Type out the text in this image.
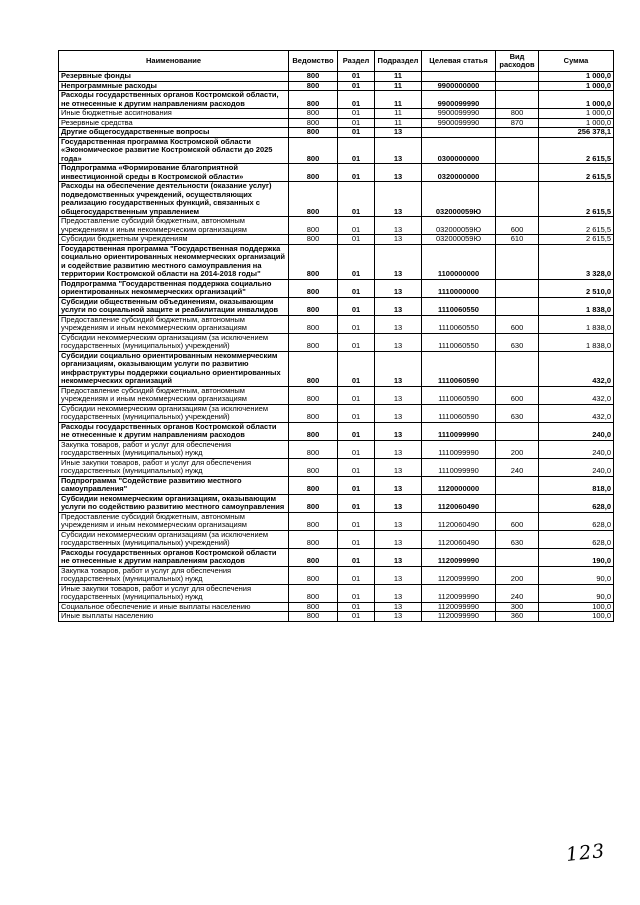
Наименование	Ведомство	Раздел	Подраздел	Целевая статья	Вид расходов	Сумма
Резервные фонды	800	01	11			1 000,0
Непрограммные расходы	800	01	11	9900000000		1 000,0
Расходы государственных органов Костромской области, не отнесенные к другим направлениям расходов	800	01	11	9900099990		1 000,0
Иные бюджетные ассигнования	800	01	11	9900099990	800	1 000,0
Резервные средства	800	01	11	9900099990	870	1 000,0
Другие общегосударственные вопросы	800	01	13			256 378,1
Государственная программа Костромской области «Экономическое развитие Костромской области до 2025 года»	800	01	13	0300000000		2 615,5
Подпрограмма «Формирование благоприятной инвестиционной среды в Костромской области»	800	01	13	0320000000		2 615,5
Расходы на обеспечение деятельности (оказание услуг) подведомственных учреждений, осуществляющих реализацию государственных функций, связанных с общегосударственным управлением	800	01	13	032000059Ю		2 615,5
Предоставление субсидий бюджетным, автономным учреждениям и иным некоммерческим организациям	800	01	13	032000059Ю	600	2 615,5
Субсидии бюджетным учреждениям	800	01	13	032000059Ю	610	2 615,5
Государственная программа "Государственная поддержка социально ориентированных некоммерческих организаций и содействие развитию местного самоуправления на территории Костромской области на 2014-2018 годы"	800	01	13	1100000000		3 328,0
Подпрограмма "Государственная поддержка социально ориентированных некоммерческих организаций"	800	01	13	1110000000		2 510,0
Субсидии общественным объединениям, оказывающим услуги по социальной защите и реабилитации инвалидов	800	01	13	1110060550		1 838,0
Предоставление субсидий бюджетным, автономным учреждениям и иным некоммерческим организациям	800	01	13	1110060550	600	1 838,0
Субсидии некоммерческим организациям (за исключением государственных (муниципальных) учреждений)	800	01	13	1110060550	630	1 838,0
Субсидии социально ориентированным некоммерческим организациям, оказывающим услуги по развитию инфраструктуры поддержки социально ориентированных некоммерческих организаций	800	01	13	1110060590		432,0
Предоставление субсидий бюджетным, автономным учреждениям и иным некоммерческим организациям	800	01	13	1110060590	600	432,0
Субсидии некоммерческим организациям (за исключением государственных (муниципальных) учреждений)	800	01	13	1110060590	630	432,0
Расходы государственных органов Костромской области не отнесенные к другим направлениям расходов	800	01	13	1110099990		240,0
Закупка товаров, работ и услуг для обеспечения государственных (муниципальных) нужд	800	01	13	1110099990	200	240,0
Иные закупки товаров, работ и услуг для обеспечения государственных (муниципальных) нужд	800	01	13	1110099990	240	240,0
Подпрограмма "Содействие развитию местного самоуправления"	800	01	13	1120000000		818,0
Субсидии некоммерческим организациям, оказывающим услуги по содействию развитию местного самоуправления	800	01	13	1120060490		628,0
Предоставление субсидий бюджетным, автономным учреждениям и иным некоммерческим организациям	800	01	13	1120060490	600	628,0
Субсидии некоммерческим организациям (за исключением государственных (муниципальных) учреждений)	800	01	13	1120060490	630	628,0
Расходы государственных органов Костромской области не отнесенные к другим направлениям расходов	800	01	13	1120099990		190,0
Закупка товаров, работ и услуг для обеспечения государственных (муниципальных) нужд	800	01	13	1120099990	200	90,0
Иные закупки товаров, работ и услуг для обеспечения государственных (муниципальных) нужд	800	01	13	1120099990	240	90,0
Социальное обеспечение и иные выплаты населению	800	01	13	1120099990	300	100,0
Иные выплаты населению	800	01	13	1120099990	360	100,0
123
